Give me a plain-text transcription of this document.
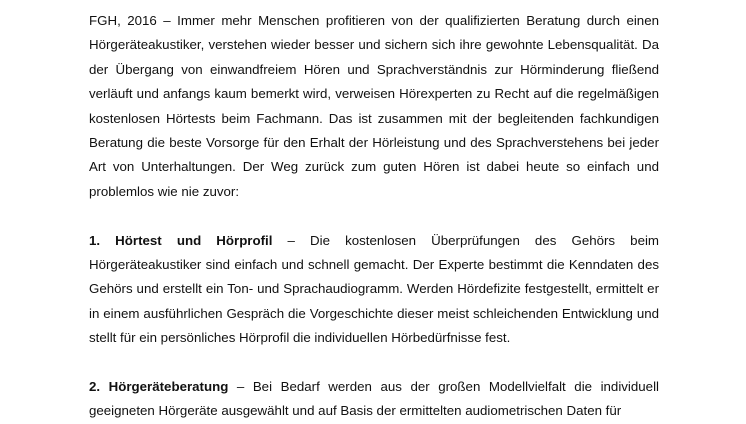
FGH, 2016 – Immer mehr Menschen profitieren von der qualifizierten Beratung durch einen Hörgeräteakustiker, verstehen wieder besser und sichern sich ihre gewohnte Lebensqualität. Da der Übergang von einwandfreiem Hören und Sprachverständnis zur Hörminderung fließend verläuft und anfangs kaum bemerkt wird, verweisen Hörexperten zu Recht auf die regelmäßigen kostenlosen Hörtests beim Fachmann. Das ist zusammen mit der begleitenden fachkundigen Beratung die beste Vorsorge für den Erhalt der Hörleistung und des Sprachverstehens bei jeder Art von Unterhaltungen. Der Weg zurück zum guten Hören ist dabei heute so einfach und problemlos wie nie zuvor:

1. Hörtest und Hörprofil – Die kostenlosen Überprüfungen des Gehörs beim Hörgeräteakustiker sind einfach und schnell gemacht. Der Experte bestimmt die Kenndaten des Gehörs und erstellt ein Ton- und Sprachaudiogramm. Werden Hördefizite festgestellt, ermittelt er in einem ausführlichen Gespräch die Vorgeschichte dieser meist schleichenden Entwicklung und stellt für ein persönliches Hörprofil die individuellen Hörbedürfnisse fest.

2. Hörgeräteberatung – Bei Bedarf werden aus der großen Modellvielfalt die individuell geeigneten Hörgeräte ausgewählt und auf Basis der ermittelten audiometrischen Daten für
